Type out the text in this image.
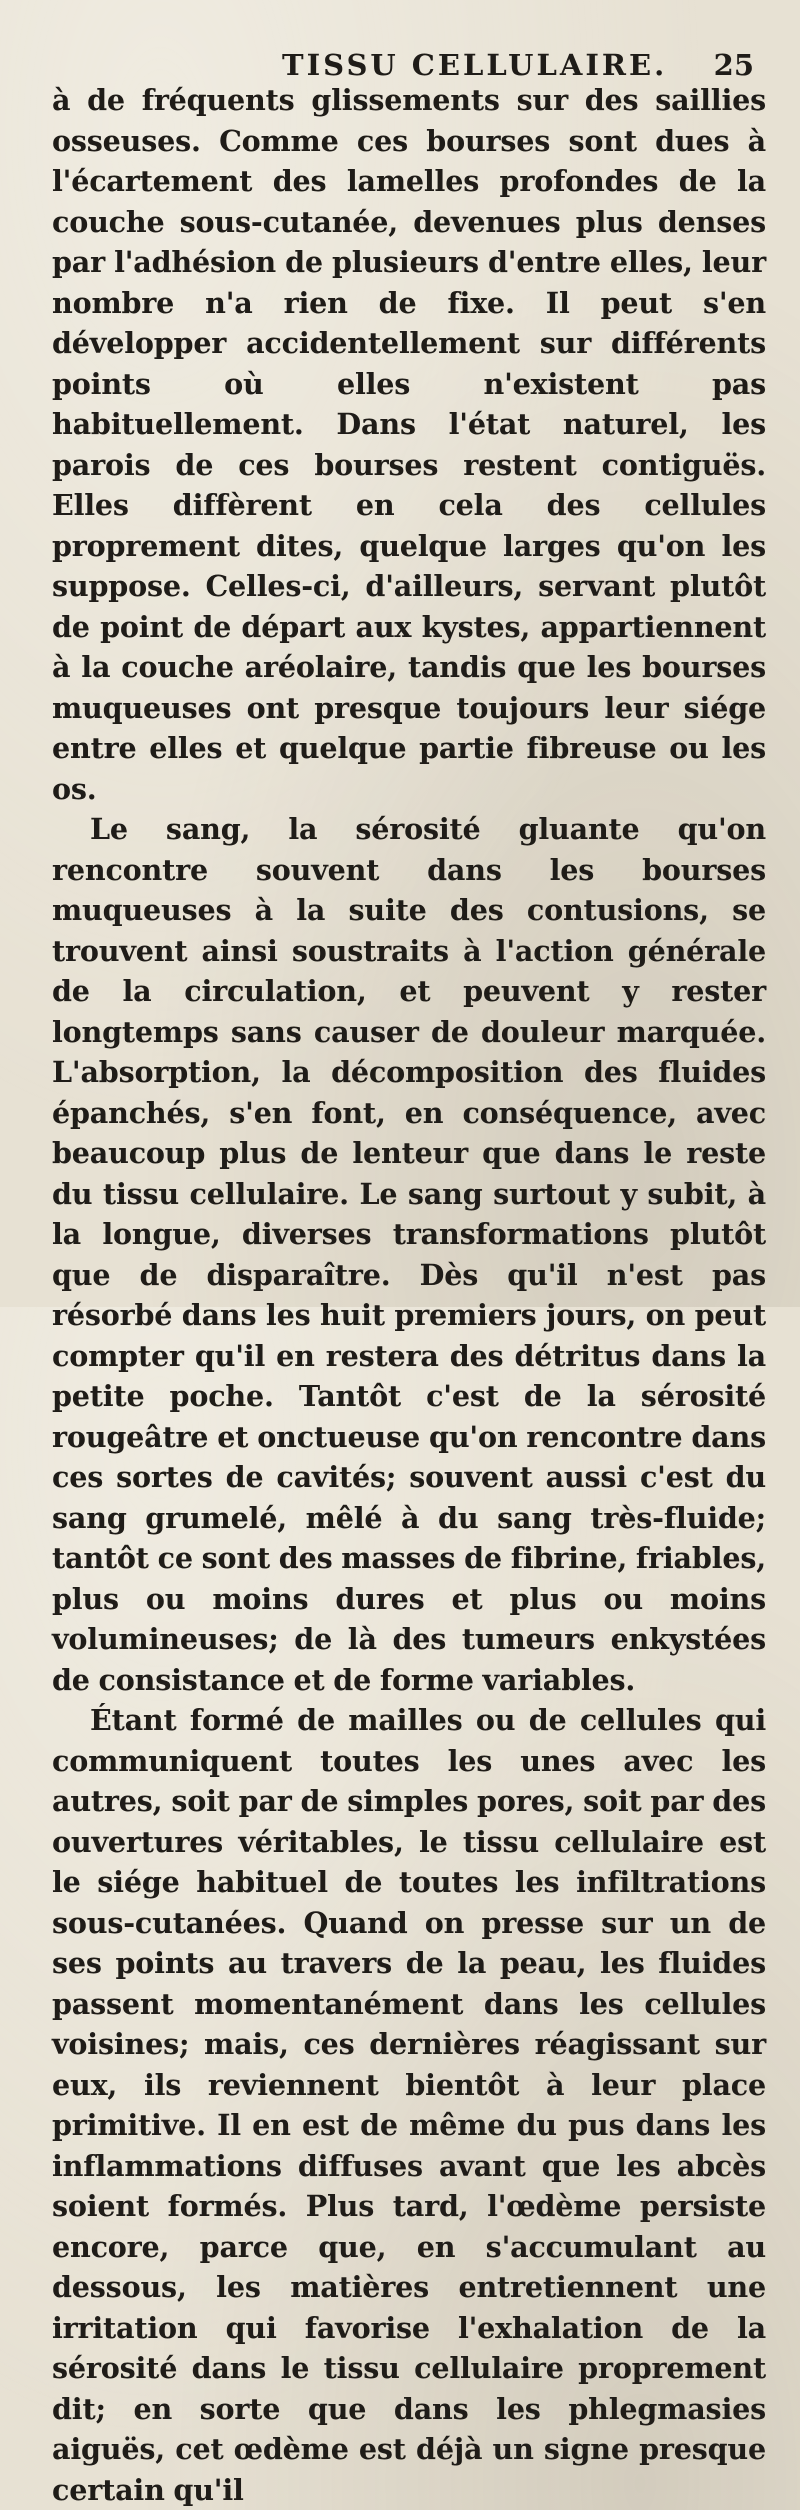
TISSU CELLULAIRE. 25

à de fréquents glissements sur des saillies osseuses. Comme ces bourses sont dues à l'écartement des lamelles profondes de la couche sous-cutanée, devenues plus denses par l'adhésion de plusieurs d'entre elles, leur nombre n'a rien de fixe. Il peut s'en développer accidentellement sur différents points où elles n'existent pas habituellement. Dans l'état naturel, les parois de ces bourses restent contiguës. Elles diffèrent en cela des cellules proprement dites, quelque larges qu'on les suppose. Celles-ci, d'ailleurs, servant plutôt de point de départ aux kystes, appartiennent à la couche aréolaire, tandis que les bourses muqueuses ont presque toujours leur siége entre elles et quelque partie fibreuse ou les os.

Le sang, la sérosité gluante qu'on rencontre souvent dans les bourses muqueuses à la suite des contusions, se trouvent ainsi soustraits à l'action générale de la circulation, et peuvent y rester longtemps sans causer de douleur marquée. L'absorption, la décomposition des fluides épanchés, s'en font, en conséquence, avec beaucoup plus de lenteur que dans le reste du tissu cellulaire. Le sang surtout y subit, à la longue, diverses transformations plutôt que de disparaître. Dès qu'il n'est pas résorbé dans les huit premiers jours, on peut compter qu'il en restera des détritus dans la petite poche. Tantôt c'est de la sérosité rougeâtre et onctueuse qu'on rencontre dans ces sortes de cavités; souvent aussi c'est du sang grumelé, mêlé à du sang très-fluide; tantôt ce sont des masses de fibrine, friables, plus ou moins dures et plus ou moins volumineuses; de là des tumeurs enkystées de consistance et de forme variables.

Étant formé de mailles ou de cellules qui communiquent toutes les unes avec les autres, soit par de simples pores, soit par des ouvertures véritables, le tissu cellulaire est le siége habituel de toutes les infiltrations sous-cutanées. Quand on presse sur un de ses points au travers de la peau, les fluides passent momentanément dans les cellules voisines; mais, ces dernières réagissant sur eux, ils reviennent bientôt à leur place primitive. Il en est de même du pus dans les inflammations diffuses avant que les abcès soient formés. Plus tard, l'œdème persiste encore, parce que, en s'accumulant au dessous, les matières entretiennent une irritation qui favorise l'exhalation de la sérosité dans le tissu cellulaire proprement dit; en sorte que dans les phlegmasies aiguës, cet œdème est déjà un signe presque certain qu'il
